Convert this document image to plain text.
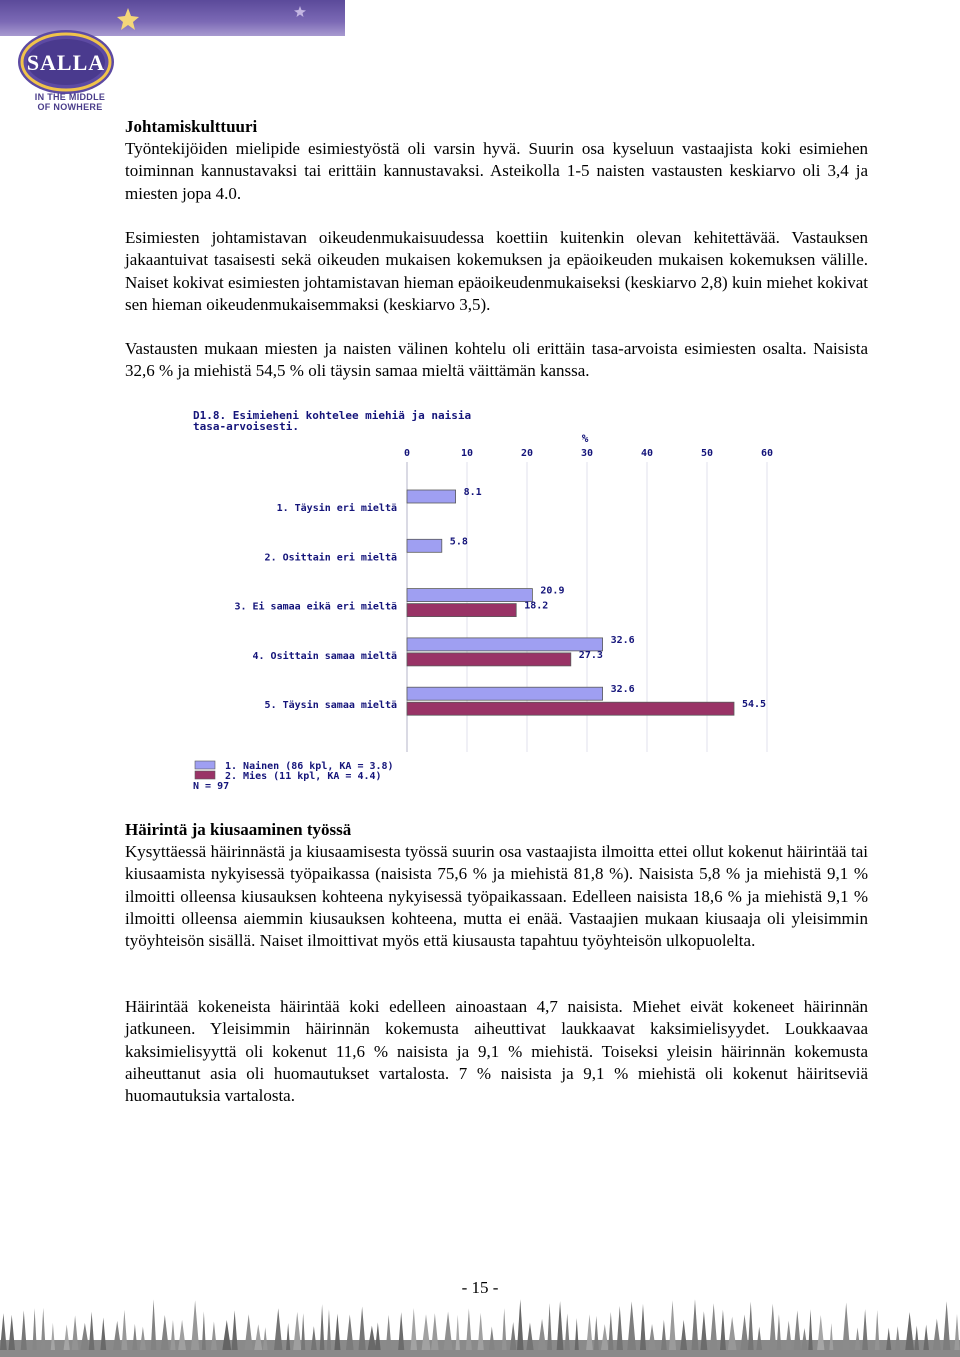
SALLA
IN THE MIDDLE
OF NOWHERE
Johtamiskulttuuri
Työntekijöiden mielipide esimiestyöstä oli varsin hyvä. Suurin osa kyseluun vastaajista koki esimiehen toiminnan kannustavaksi tai erittäin kannustavaksi. Asteikolla 1-5 naisten vastausten keskiarvo oli 3,4 ja miesten jopa 4.0.
Esimiesten johtamistavan oikeudenmukaisuudessa koettiin kuitenkin olevan kehitettävää. Vastauksen jakaantuivat tasaisesti sekä oikeuden mukaisen kokemuksen ja epäoikeuden mukaisen kokemuksen välille. Naiset kokivat esimiesten johtamistavan hieman epäoikeudenmukaiseksi (keskiarvo 2,8) kuin miehet kokivat sen hieman oikeudenmukaisemmaksi (keskiarvo 3,5).
Vastausten mukaan miesten ja naisten välinen kohtelu oli erittäin tasa-arvoista esimiesten osalta. Naisista 32,6 % ja miehistä 54,5 % oli täysin samaa mieltä väittämän kanssa.
D1.8. Esimieheni kohtelee miehiä ja naisia
tasa-arvoisesti.
%
0	10	20	30	40	50	60
1. Täysin eri mieltä
8.1
2. Osittain eri mieltä
5.8
3. Ei samaa eikä eri mieltä
20.9
18.2
4. Osittain samaa mieltä
32.6
27.3
5. Täysin samaa mieltä
32.6
54.5
1. Nainen (86 kpl, KA = 3.8)
2. Mies (11 kpl, KA = 4.4)
N = 97
Häirintä ja kiusaaminen työssä
Kysyttäessä häirinnästä ja kiusaamisesta työssä suurin osa vastaajista ilmoitta ettei ollut kokenut häirintää tai kiusaamista nykyisessä työpaikassa (naisista 75,6 % ja miehistä 81,8 %). Naisista 5,8 % ja miehistä 9,1 % ilmoitti olleensa kiusauksen kohteena nykyisessä työpaikassaan. Edelleen naisista 18,6 % ja miehistä 9,1 % ilmoitti olleensa aiemmin kiusauksen kohteena, mutta ei enää. Vastaajien mukaan kiusaaja oli yleisimmin työyhteisön sisällä. Naiset ilmoittivat myös että kiusausta tapahtuu työyhteisön ulkopuolelta.
Häirintää kokeneista häirintää koki edelleen ainoastaan 4,7 naisista. Miehet eivät kokeneet häirinnän jatkuneen. Yleisimmin häirinnän kokemusta aiheuttivat laukkaavat kaksimielisyydet. Loukkaavaa kaksimielisyyttä oli kokenut 11,6 % naisista ja 9,1 % miehistä. Toiseksi yleisin häirinnän kokemusta aiheuttanut asia oli huomautukset vartalosta. 7 % naisista ja 9,1 % miehistä oli kokenut häiritseviä huomautuksia vartalosta.
- 15 -
